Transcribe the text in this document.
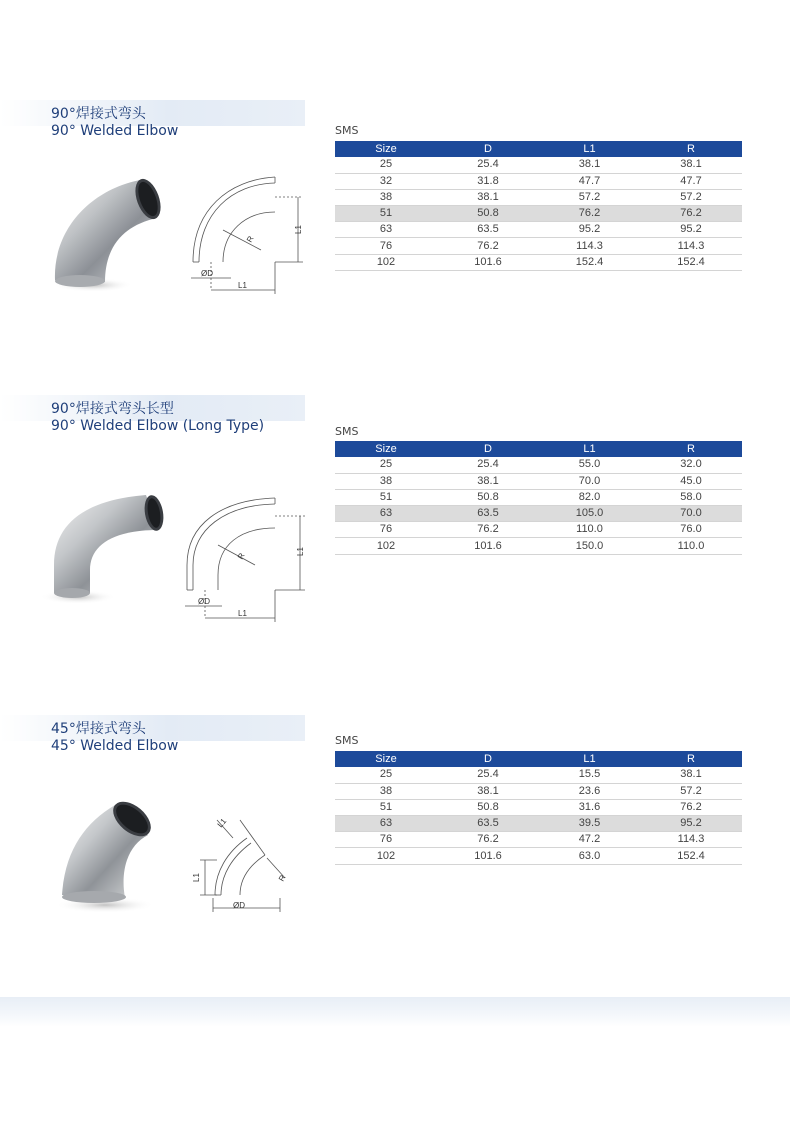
90°焊接式弯头
90° Welded Elbow
ØD
L1
R
L1
SMS
Size	D	L1	R
25	25.4	38.1	38.1
32	31.8	47.7	47.7
38	38.1	57.2	57.2
51	50.8	76.2	76.2
63	63.5	95.2	95.2
76	76.2	114.3	114.3
102	101.6	152.4	152.4
90°焊接式弯头长型
90° Welded Elbow (Long Type)
ØD
L1
R	L1
SMS
Size	D	L1	R
25	25.4	55.0	32.0
38	38.1	70.0	45.0
51	50.8	82.0	58.0
63	63.5	105.0	70.0
76	76.2	110.0	76.0
102	101.6	150.0	110.0
45°焊接式弯头
45° Welded Elbow
ØD
L1
L1
R
SMS
Size	D	L1	R
25	25.4	15.5	38.1
38	38.1	23.6	57.2
51	50.8	31.6	76.2
63	63.5	39.5	95.2
76	76.2	47.2	114.3
102	101.6	63.0	152.4
